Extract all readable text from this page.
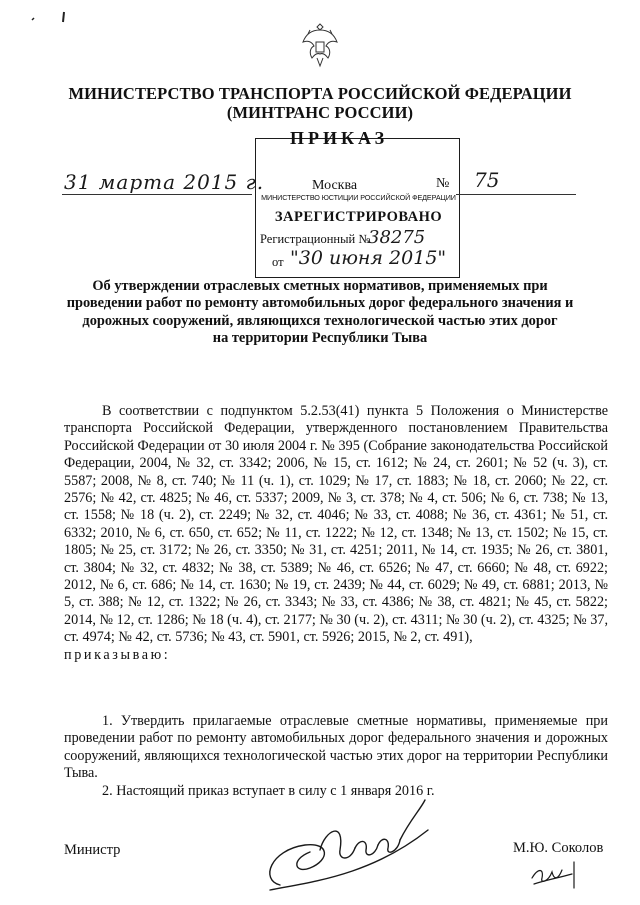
МИНИСТЕРСТВО ТРАНСПОРТА РОССИЙСКОЙ ФЕДЕРАЦИИ
(МИНТРАНС РОССИИ)
МИНИСТЕРСТВО ЮСТИЦИИ РОССИЙСКОЙ ФЕДЕРАЦИИ
ЗАРЕГИСТРИРОВАНО
Регистрационный №
38275
от "30 июня 2015"
ПРИКАЗ
31 марта 2015 г.	Москва	№ 75
Об утверждении отраслевых сметных нормативов, применяемых при
проведении работ по ремонту автомобильных дорог федерального значения и
дорожных сооружений, являющихся технологической частью этих дорог
на территории Республики Тыва

В соответствии с подпунктом 5.2.53(41) пункта 5 Положения о Министерстве транспорта Российской Федерации, утвержденного постановлением Правительства Российской Федерации от 30 июля 2004 г. № 395 (Собрание законодательства Российской Федерации, 2004, № 32, ст. 3342; 2006, № 15, ст. 1612; № 24, ст. 2601; № 52 (ч. 3), ст. 5587; 2008, № 8, ст. 740; № 11 (ч. 1), ст. 1029; № 17, ст. 1883; № 18, ст. 2060; № 22, ст. 2576; № 42, ст. 4825; № 46, ст. 5337; 2009, № 3, ст. 378; № 4, ст. 506; № 6, ст. 738; № 13, ст. 1558; № 18 (ч. 2), ст. 2249; № 32, ст. 4046; № 33, ст. 4088; № 36, ст. 4361; № 51, ст. 6332; 2010, № 6, ст. 650, ст. 652; № 11, ст. 1222; № 12, ст. 1348; № 13, ст. 1502; № 15, ст. 1805; № 25, ст. 3172; № 26, ст. 3350; № 31, ст. 4251; 2011, № 14, ст. 1935; № 26, ст. 3801, ст. 3804; № 32, ст. 4832; № 38, ст. 5389; № 46, ст. 6526; № 47, ст. 6660; № 48, ст. 6922; 2012, № 6, ст. 686; № 14, ст. 1630; № 19, ст. 2439; № 44, ст. 6029; № 49, ст. 6881; 2013, № 5, ст. 388; № 12, ст. 1322; № 26, ст. 3343; № 33, ст. 4386; № 38, ст. 4821; № 45, ст. 5822; 2014, № 12, ст. 1286; № 18 (ч. 4), ст. 2177; № 30 (ч. 2), ст. 4311; № 30 (ч. 2), ст. 4325; № 37, ст. 4974; № 42, ст. 5736; № 43, ст. 5901, ст. 5926; 2015, № 2, ст. 491),

приказываю:

1. Утвердить прилагаемые отраслевые сметные нормативы, применяемые при проведении работ по ремонту автомобильных дорог федерального значения и дорожных сооружений, являющихся технологической частью этих дорог на территории Республики Тыва.

2. Настоящий приказ вступает в силу с 1 января 2016 г.

Министр	М.Ю. Соколов
